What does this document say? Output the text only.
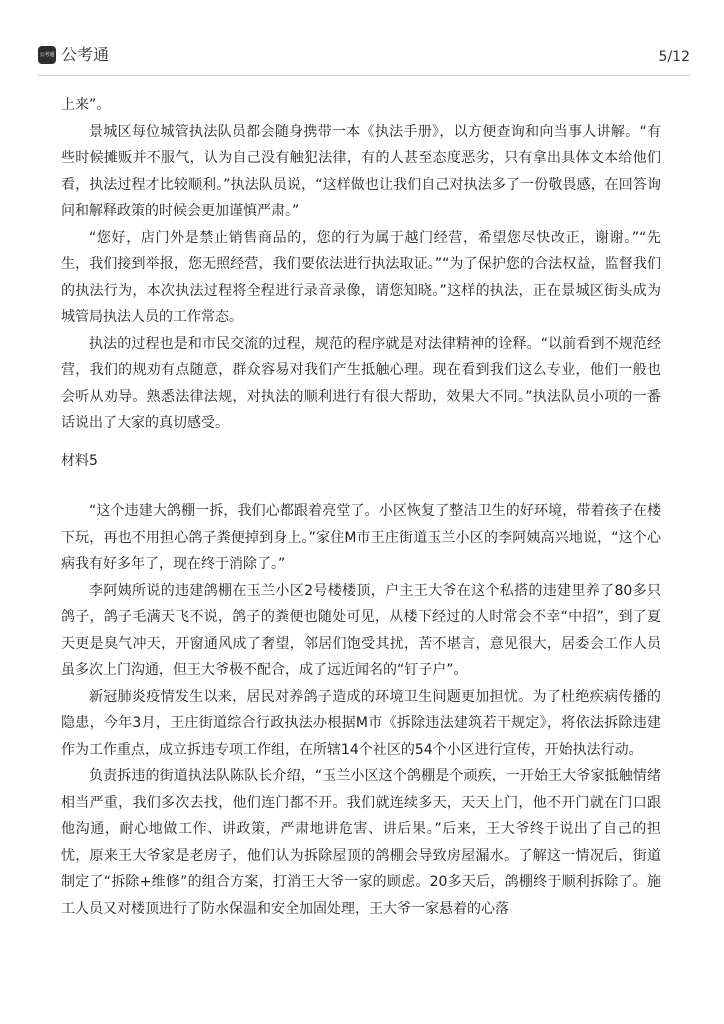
公考通 公考通	5/12

上来”。

景城区每位城管执法队员都会随身携带一本《执法手册》，以方便查询和向当事人讲解。“有些时候摊贩并不服气，认为自己没有触犯法律，有的人甚至态度恶劣，只有拿出具体文本给他们看，执法过程才比较顺利。”执法队员说，“这样做也让我们自己对执法多了一份敬畏感，在回答询问和解释政策的时候会更加谨慎严肃。”

“您好，店门外是禁止销售商品的，您的行为属于越门经营，希望您尽快改正，谢谢。”“先生，我们接到举报，您无照经营，我们要依法进行执法取证。”“为了保护您的合法权益，监督我们的执法行为，本次执法过程将全程进行录音录像，请您知晓。”这样的执法，正在景城区街头成为城管局执法人员的工作常态。

执法的过程也是和市民交流的过程，规范的程序就是对法律精神的诠释。“以前看到不规范经营，我们的规劝有点随意，群众容易对我们产生抵触心理。现在看到我们这么专业，他们一般也会听从劝导。熟悉法律法规，对执法的顺利进行有很大帮助，效果大不同。”执法队员小项的一番话说出了大家的真切感受。

材料5

“这个违建大鸽棚一拆，我们心都跟着亮堂了。小区恢复了整洁卫生的好环境，带着孩子在楼下玩，再也不用担心鸽子粪便掉到身上。”家住M市王庄街道玉兰小区的李阿姨高兴地说，“这个心病我有好多年了，现在终于消除了。”

李阿姨所说的违建鸽棚在玉兰小区2号楼楼顶，户主王大爷在这个私搭的违建里养了80多只鸽子，鸽子毛满天飞不说，鸽子的粪便也随处可见，从楼下经过的人时常会不幸“中招”，到了夏天更是臭气冲天，开窗通风成了奢望，邻居们饱受其扰，苦不堪言，意见很大，居委会工作人员虽多次上门沟通，但王大爷极不配合，成了远近闻名的“钉子户”。

新冠肺炎疫情发生以来，居民对养鸽子造成的环境卫生问题更加担忧。为了杜绝疾病传播的隐患，今年3月，王庄街道综合行政执法办根据M市《拆除违法建筑若干规定》，将依法拆除违建作为工作重点，成立拆违专项工作组，在所辖14个社区的54个小区进行宣传，开始执法行动。

负责拆违的街道执法队陈队长介绍，“玉兰小区这个鸽棚是个顽疾，一开始王大爷家抵触情绪相当严重，我们多次去找，他们连门都不开。我们就连续多天，天天上门，他不开门就在门口跟他沟通，耐心地做工作、讲政策，严肃地讲危害、讲后果。”后来，王大爷终于说出了自己的担忧，原来王大爷家是老房子，他们认为拆除屋顶的鸽棚会导致房屋漏水。了解这一情况后，街道制定了“拆除+维修”的组合方案，打消王大爷一家的顾虑。20多天后，鸽棚终于顺利拆除了。施工人员又对楼顶进行了防水保温和安全加固处理，王大爷一家悬着的心落
